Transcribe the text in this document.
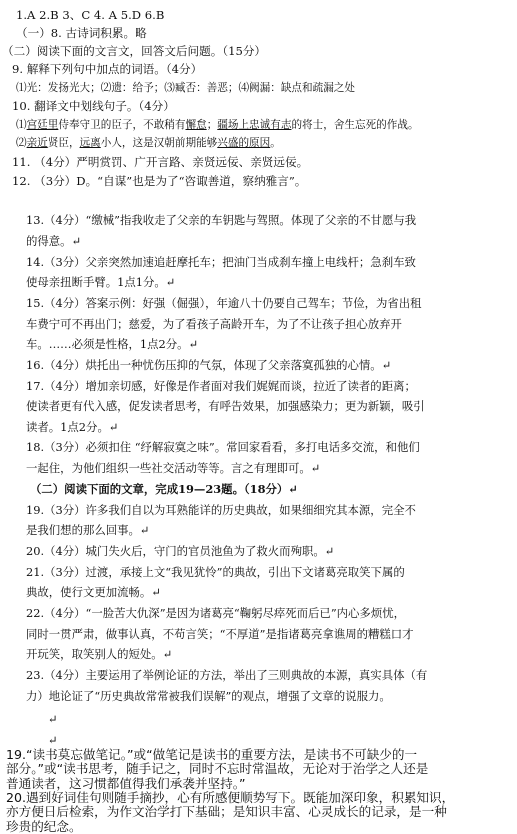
1.A 2.B 3、C 4. A 5.D 6.B
（一）8. 古诗词积累。略
（二）阅读下面的文言文，回答文后问题。（15分）
9. 解释下列句中加点的词语。（4分）
⑴光：发扬光大；⑵遗：给予；⑶臧否：善恶；⑷阙漏：缺点和疏漏之处
10. 翻译文中划线句子。（4分）
⑴宫廷里侍奉守卫的臣子，不敢稍有懈怠；疆场上忠诚有志的将士，舍生忘死的作战。
⑵亲近贤臣，远离小人，这是汉朝前期能够兴盛的原因。
11. （4分）严明赏罚、广开言路、亲贤远佞、亲贤远佞。
12. （3分）D。“自谋”也是为了“咨诹善道，察纳雅言”。
13.（4分）“缴械”指我收走了父亲的车钥匙与驾照。体现了父亲的不甘愿与我
的得意。↵
14.（3分）父亲突然加速追赶摩托车；把油门当成刹车撞上电线杆；急刹车致
使母亲扭断手臂。1点1分。↵
15.（4分）答案示例：好强（倔强），年逾八十仍要自己驾车；节俭，为省出租
车费宁可不再出门；慈爱，为了看孩子高龄开车，为了不让孩子担心放弃开
车。……必须是性格，1点2分。↵
16.（4分）烘托出一种忧伤压抑的气氛，体现了父亲落寞孤独的心情。↵
17.（4分）增加亲切感，好像是作者面对我们娓娓而谈，拉近了读者的距离；
使读者更有代入感，促发读者思考，有呼告效果，加强感染力；更为新颖，吸引
读者。1点2分。↵
18.（3分）必须扣住 “纾解寂寞之味”。常回家看看，多打电话多交流，和他们
一起住，为他们组织一些社交活动等等。言之有理即可。↵
（二）阅读下面的文章，完成19—23题。（18分）↵
19.（3分）许多我们自以为耳熟能详的历史典故，如果细细究其本源，完全不
是我们想的那么回事。↵
20.（4分）城门失火后，守门的官员池鱼为了救火而殉职。↵
21.（3分）过渡，承接上文“我见犹怜”的典故，引出下文诸葛亮取笑下属的
典故，使行文更加流畅。↵
22.（4分）“一脸苦大仇深”是因为诸葛亮“鞠躬尽瘁死而后已”内心多烦忧，
同时一贯严肃，做事认真，不苟言笑；“不厚道”是指诸葛亮拿谯周的糟糕口才
开玩笑，取笑别人的短处。↵
23.（4分）主要运用了举例论证的方法，举出了三则典故的本源，真实具体（有
力）地论证了“历史典故常常被我们误解”的观点，增强了文章的说服力。
↵
↵
19.“读书莫忘做笔记。”或“做笔记是读书的重要方法，是读书不可缺少的一
部分。”或“读书思考，随手记之，同时不忘时常温故，无论对于治学之人还是
普通读者，这习惯都值得我们承袭并坚持。”
20.遇到好词佳句则随手摘抄，心有所感便顺势写下。既能加深印象，积累知识，
亦方便日后检索，为作文治学打下基础；是知识丰富、心灵成长的记录，是一种
珍贵的纪念。
